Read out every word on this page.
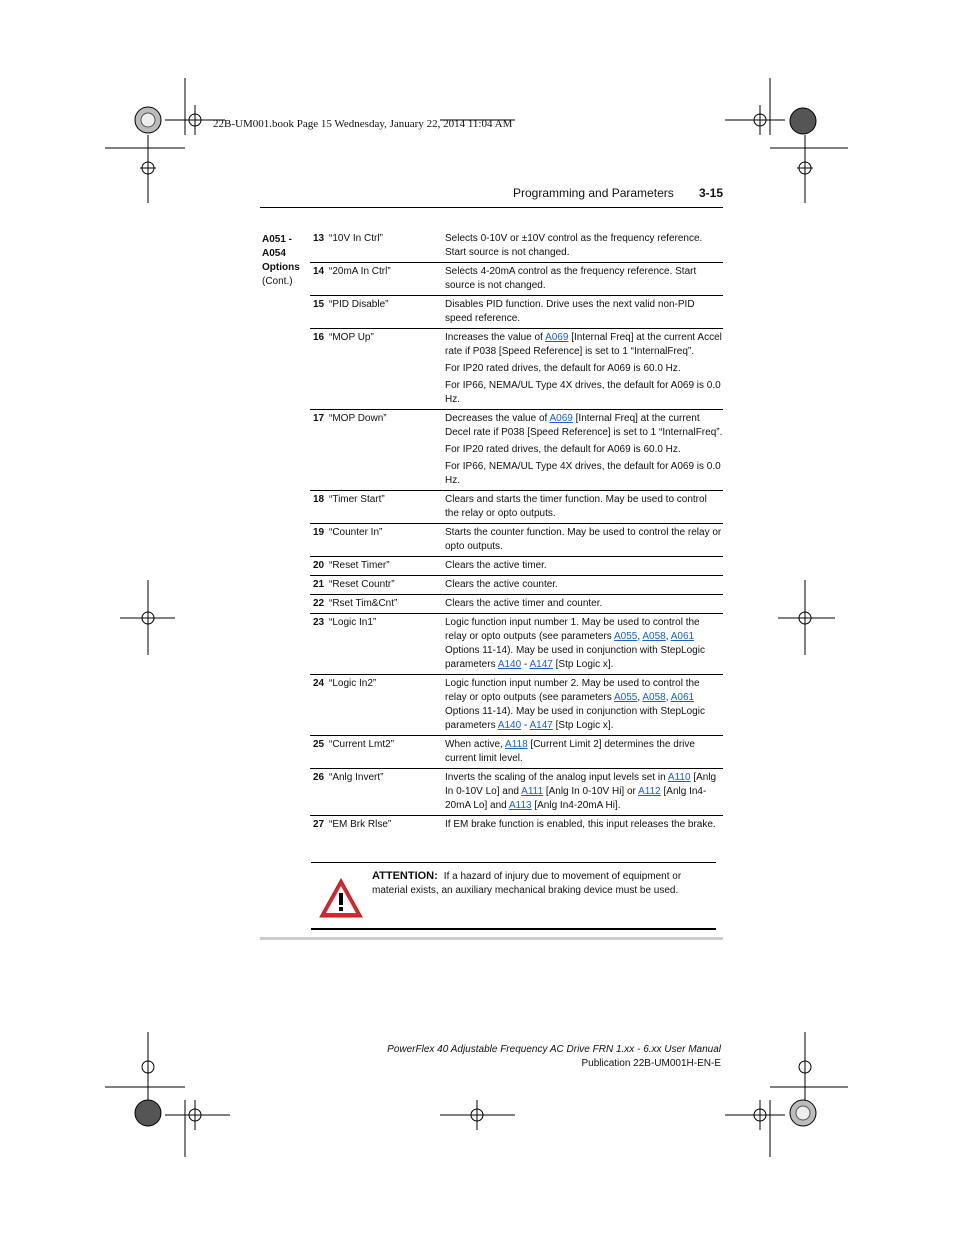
22B-UM001.book Page 15 Wednesday, January 22, 2014 11:04 AM
Programming and Parameters 3-15
A051 -
A054
Options
(Cont.)
13 “10V In Ctrl”	Selects 0-10V or ±10V control as the frequency reference. Start source is not changed.
14 “20mA In Ctrl”	Selects 4-20mA control as the frequency reference. Start source is not changed.
15 “PID Disable”	Disables PID function. Drive uses the next valid non-PID speed reference.
16 “MOP Up”	Increases the value of A069 [Internal Freq] at the current Accel rate if P038 [Speed Reference] is set to 1 “InternalFreq”.

For IP20 rated drives, the default for A069 is 60.0 Hz.

For IP66, NEMA/UL Type 4X drives, the default for A069 is 0.0 Hz.

17 “MOP Down”	Decreases the value of A069 [Internal Freq] at the current Decel rate if P038 [Speed Reference] is set to 1 “InternalFreq”.

For IP20 rated drives, the default for A069 is 60.0 Hz.

For IP66, NEMA/UL Type 4X drives, the default for A069 is 0.0 Hz.

18 “Timer Start”	Clears and starts the timer function. May be used to control the relay or opto outputs.
19 “Counter In”	Starts the counter function. May be used to control the relay or opto outputs.
20 “Reset Timer”	Clears the active timer.
21 “Reset Countr”	Clears the active counter.
22 “Rset Tim&Cnt”	Clears the active timer and counter.
23 “Logic In1”	Logic function input number 1. May be used to control the relay or opto outputs (see parameters A055, A058, A061 Options 11-14). May be used in conjunction with StepLogic parameters A140 - A147 [Stp Logic x].
24 “Logic In2”	Logic function input number 2. May be used to control the relay or opto outputs (see parameters A055, A058, A061 Options 11-14). May be used in conjunction with StepLogic parameters A140 - A147 [Stp Logic x].
25 “Current Lmt2”	When active, A118 [Current Limit 2] determines the drive current limit level.
26 “Anlg Invert”	Inverts the scaling of the analog input levels set in A110 [Anlg In 0-10V Lo] and A111 [Anlg In 0-10V Hi] or A112 [Anlg In4-20mA Lo] and A113 [Anlg In4-20mA Hi].
27 “EM Brk Rlse”	If EM brake function is enabled, this input releases the brake.
ATTENTION: If a hazard of injury due to movement of equipment or material exists, an auxiliary mechanical braking device must be used.
PowerFlex 40 Adjustable Frequency AC Drive FRN 1.xx - 6.xx User Manual
Publication 22B-UM001H-EN-E
